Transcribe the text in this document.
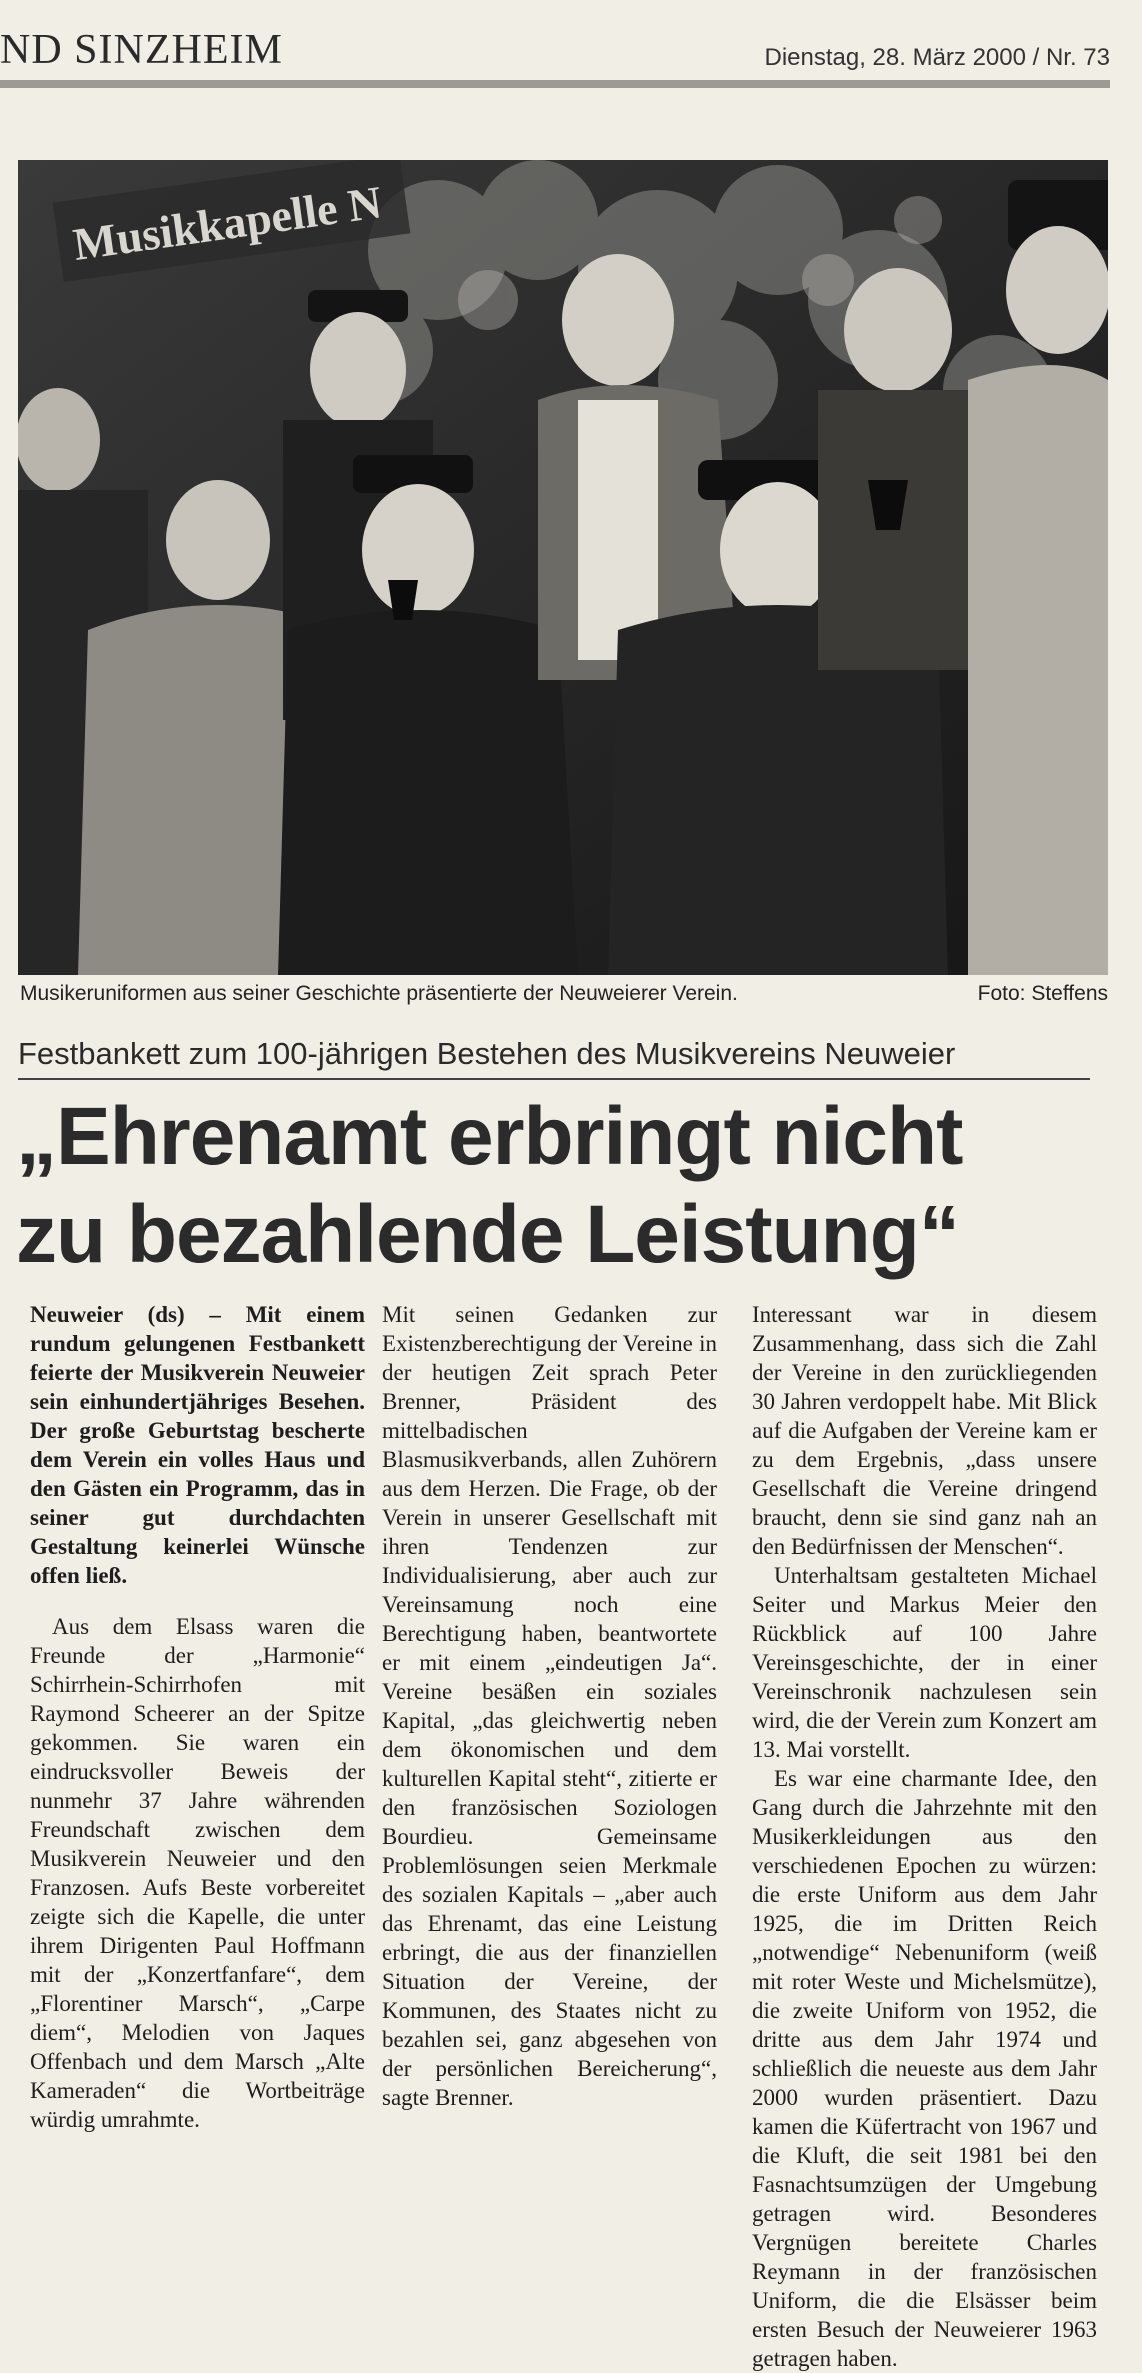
ND SINZHEIM	Dienstag, 28. März 2000 / Nr. 73
Musikkapelle N
Musikeruniformen aus seiner Geschichte präsentierte der Neuweierer Verein.	Foto: Steffens
Festbankett zum 100-jährigen Bestehen des Musikvereins Neuweier
„Ehrenamt erbringt nicht
zu bezahlende Leistung“

Neuweier (ds) – Mit einem rundum gelungenen Festbankett feierte der Musikverein Neuweier sein einhundertjähriges Besehen. Der große Geburtstag bescherte dem Verein ein volles Haus und den Gästen ein Programm, das in seiner gut durchdachten Gestaltung keinerlei Wünsche offen ließ.

Aus dem Elsass waren die Freunde der „Harmonie“ Schirrhein-Schirrhofen mit Raymond Scheerer an der Spitze gekommen. Sie waren ein eindrucksvoller Beweis der nunmehr 37 Jahre währenden Freundschaft zwischen dem Musikverein Neuweier und den Franzosen. Aufs Beste vorbereitet zeigte sich die Kapelle, die unter ihrem Dirigenten Paul Hoffmann mit der „Konzertfanfare“, dem „Florentiner Marsch“, „Carpe diem“, Melodien von Jaques Offenbach und dem Marsch „Alte Kameraden“ die Wortbeiträge würdig umrahmte.

Mit seinen Gedanken zur Existenzberechtigung der Vereine in der heutigen Zeit sprach Peter Brenner, Präsident des mittelbadischen Blasmusikverbands, allen Zuhörern aus dem Herzen. Die Frage, ob der Verein in unserer Gesellschaft mit ihren Tendenzen zur Individualisierung, aber auch zur Vereinsamung noch eine Berechtigung haben, beantwortete er mit einem „eindeutigen Ja“. Vereine besäßen ein soziales Kapital, „das gleichwertig neben dem ökonomischen und dem kulturellen Kapital steht“, zitierte er den französischen Soziologen Bourdieu. Gemeinsame Problemlösungen seien Merkmale des sozialen Kapitals – „aber auch das Ehrenamt, das eine Leistung erbringt, die aus der finanziellen Situation der Vereine, der Kommunen, des Staates nicht zu bezahlen sei, ganz abgesehen von der persönlichen Bereicherung“, sagte Brenner.

Interessant war in diesem Zusammenhang, dass sich die Zahl der Vereine in den zurückliegenden 30 Jahren verdoppelt habe. Mit Blick auf die Aufgaben der Vereine kam er zu dem Ergebnis, „dass unsere Gesellschaft die Vereine dringend braucht, denn sie sind ganz nah an den Bedürfnissen der Menschen“.

Unterhaltsam gestalteten Michael Seiter und Markus Meier den Rückblick auf 100 Jahre Vereinsgeschichte, der in einer Vereinschronik nachzulesen sein wird, die der Verein zum Konzert am 13. Mai vorstellt.

Es war eine charmante Idee, den Gang durch die Jahrzehnte mit den Musikerkleidungen aus den verschiedenen Epochen zu würzen: die erste Uniform aus dem Jahr 1925, die im Dritten Reich „notwendige“ Nebenuniform (weiß mit roter Weste und Michelsmütze), die zweite Uniform von 1952, die dritte aus dem Jahr 1974 und schließlich die neueste aus dem Jahr 2000 wurden präsentiert. Dazu kamen die Küfertracht von 1967 und die Kluft, die seit 1981 bei den Fasnachtsumzügen der Umgebung getragen wird. Besonderes Vergnügen bereitete Charles Reymann in der französischen Uniform, die die Elsässer beim ersten Besuch der Neuweierer 1963 getragen haben.
